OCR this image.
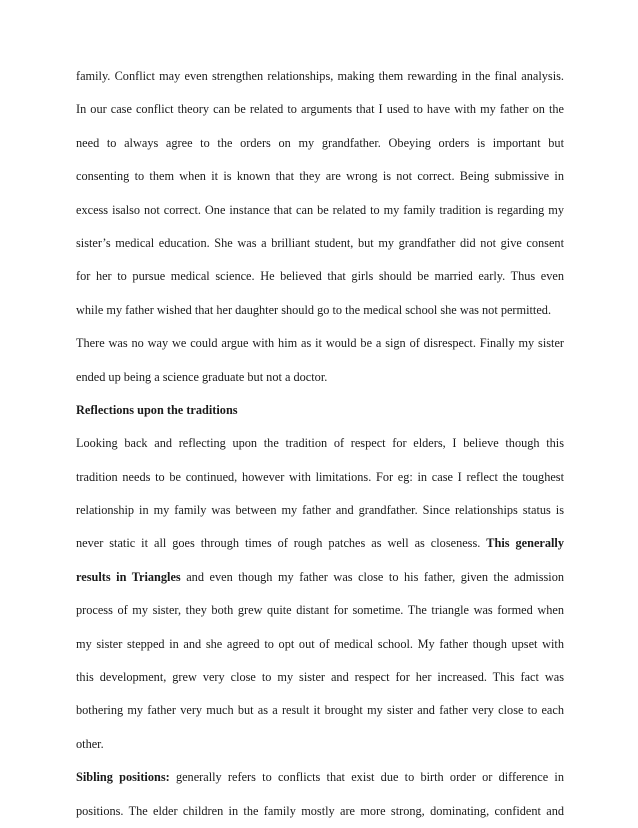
family. Conflict may even strengthen relationships, making them rewarding in the final analysis.
In our case conflict theory can be related to arguments that I used to have with my father on the
need to always agree to the orders on my grandfather. Obeying orders is important but
consenting to them when it is known that they are wrong is not correct. Being submissive in
excess isalso not correct. One instance that can be related to my family tradition is regarding my
sister’s medical education. She was a brilliant student, but my grandfather did not give consent
for her to pursue medical science. He believed that girls should be married early. Thus even
while my father wished that her daughter should go to the medical school she was not permitted.
There was no way we could argue with him as it would be a sign of disrespect. Finally my sister
ended up being a science graduate but not a doctor.
Reflections upon the traditions
Looking back and reflecting upon the tradition of respect for elders, I believe though this
tradition needs to be continued, however with limitations. For eg: in case I reflect the toughest
relationship in my family was between my father and grandfather. Since relationships status is
never static it all goes through times of rough patches as well as closeness. This generally
results in Triangles and even though my father was close to his father, given the admission
process of my sister, they both grew quite distant for sometime. The triangle was formed when
my sister stepped in and she agreed to opt out of medical school. My father though upset with
this development, grew very close to my sister and respect for her increased. This fact was
bothering my father very much but as a result it brought my sister and father very close to each
other.
Sibling positions: generally refers to conflicts that exist due to birth order or difference in
positions. The elder children in the family mostly are more strong, dominating, confident and
